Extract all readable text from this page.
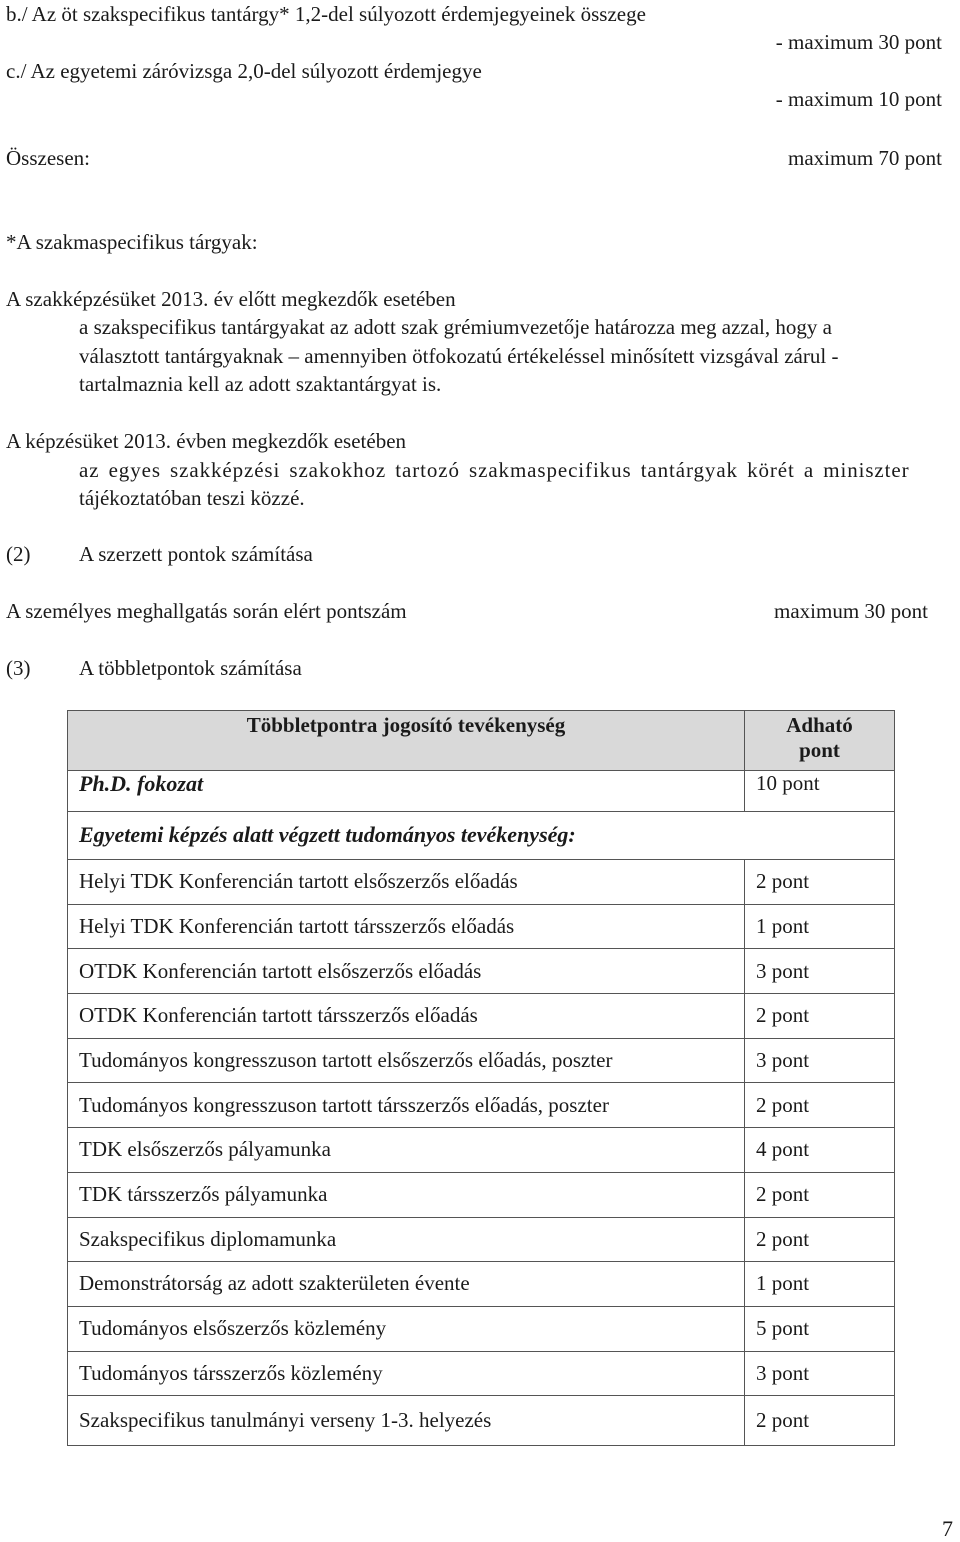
b./ Az öt szakspecifikus tantárgy* 1,2-del súlyozott érdemjegyeinek összege
- maximum 30 pont
c./ Az egyetemi záróvizsga 2,0-del súlyozott érdemjegye
- maximum 10 pont
Összesen:	maximum 70 pont
*A szakmaspecifikus tárgyak:
A szakképzésüket 2013. év előtt megkezdők esetében
a szakspecifikus tantárgyakat az adott szak grémiumvezetője határozza meg azzal, hogy a
választott tantárgyaknak – amennyiben ötfokozatú értékeléssel minősített vizsgával zárul -
tartalmaznia kell az adott szaktantárgyat is.
A képzésüket 2013. évben megkezdők esetében
az egyes szakképzési szakokhoz tartozó szakmaspecifikus tantárgyak körét a miniszter
tájékoztatóban teszi közzé.
(2) A szerzett pontok számítása
A személyes meghallgatás során elért pontszám	maximum 30 pont
(3) A többletpontok számítása
Többletpontra jogosító tevékenység	Adható
pont

Ph.D. fokozat	10 pont
Egyetemi képzés alatt végzett tudományos tevékenység:	
Helyi TDK Konferencián tartott elsőszerzős előadás	2 pont
Helyi TDK Konferencián tartott társszerzős előadás	1 pont
OTDK Konferencián tartott elsőszerzős előadás	3 pont
OTDK Konferencián tartott társszerzős előadás	2 pont
Tudományos kongresszuson tartott elsőszerzős előadás, poszter	3 pont
Tudományos kongresszuson tartott társszerzős előadás, poszter	2 pont
TDK elsőszerzős pályamunka	4 pont
TDK társszerzős pályamunka	2 pont
Szakspecifikus diplomamunka	2 pont
Demonstrátorság az adott szakterületen évente	1 pont
Tudományos elsőszerzős közlemény	5 pont
Tudományos társszerzős közlemény	3 pont
Szakspecifikus tanulmányi verseny 1-3. helyezés	2 pont
7
